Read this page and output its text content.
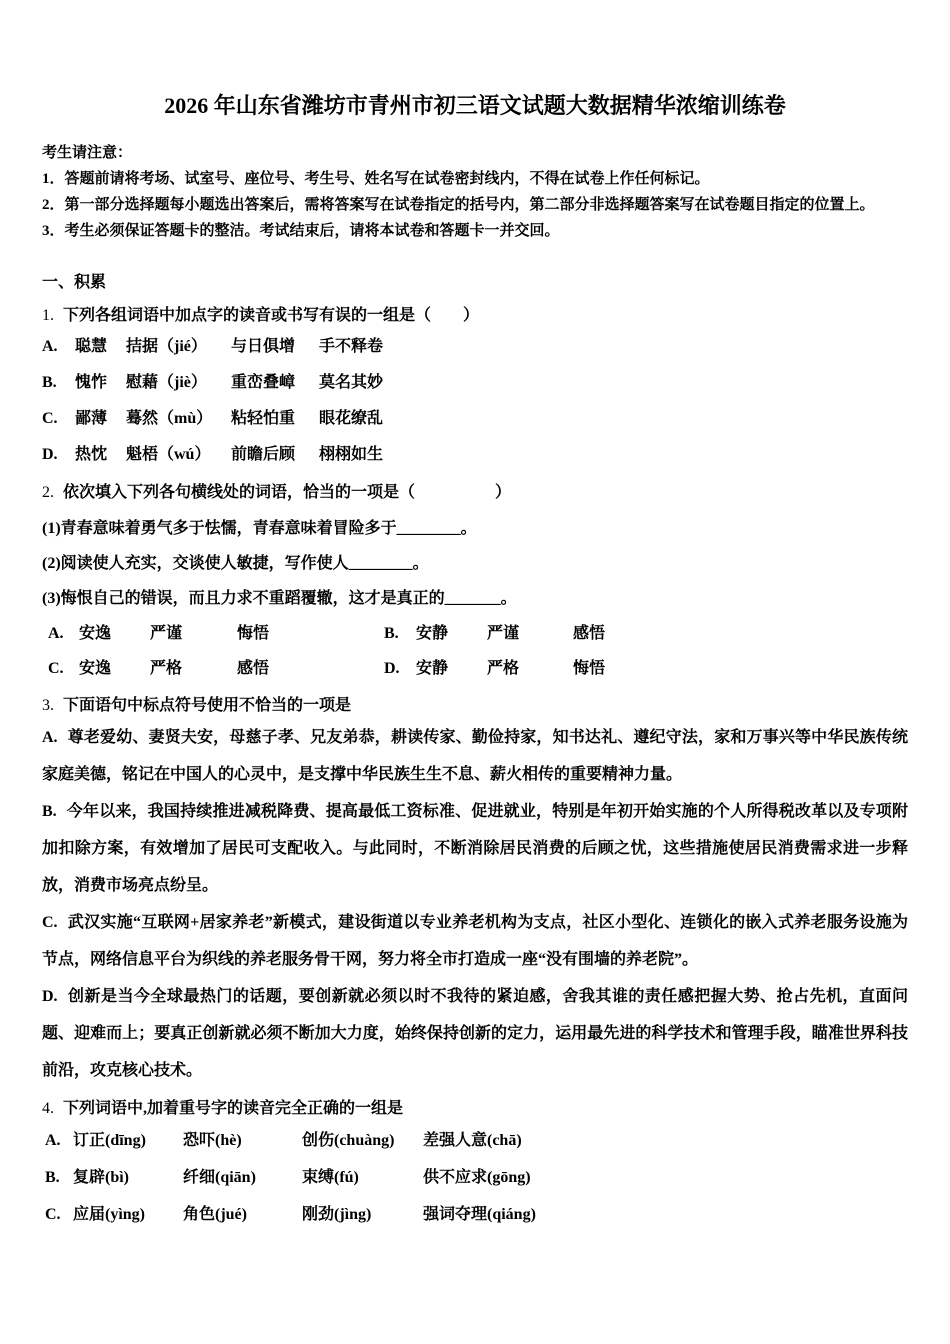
2026 年山东省潍坊市青州市初三语文试题大数据精华浓缩训练卷

考生请注意：

1．答题前请将考场、试室号、座位号、考生号、姓名写在试卷密封线内，不得在试卷上作任何标记。

2．第一部分选择题每小题选出答案后，需将答案写在试卷指定的括号内，第二部分非选择题答案写在试卷题目指定的位置上。

3．考生必须保证答题卡的整洁。考试结束后，请将本试卷和答题卡一并交回。

一、积累

1. 下列各组词语中加点字的读音或书写有误的一组是（　　）

A.	聪慧	拮据（jié）	与日俱增	手不释卷
B.	愧怍	慰藉（jiè）	重峦叠嶂	莫名其妙
C.	鄙薄	蓦然（mù）	粘轻怕重	眼花缭乱
D.	热忱	魁梧（wú）	前瞻后顾	栩栩如生

2. 依次填入下列各句横线处的词语，恰当的一项是（　　　　　）

(1)青春意味着勇气多于怯懦，青春意味着冒险多于________。

(2)阅读使人充实，交谈使人敏捷，写作使人________。

(3)悔恨自己的错误，而且力求不重蹈覆辙，这才是真正的_______。

A. 安逸	严谨	悔悟	B.	安静	严谨	感悟
C. 安逸	严格	感悟	D.	安静	严格	悔悟

3. 下面语句中标点符号使用不恰当的一项是

A. 尊老爱幼、妻贤夫安，母慈子孝、兄友弟恭，耕读传家、勤俭持家，知书达礼、遵纪守法，家和万事兴等中华民族传统家庭美德，铭记在中国人的心灵中，是支撑中华民族生生不息、薪火相传的重要精神力量。

B. 今年以来，我国持续推进减税降费、提高最低工资标准、促进就业，特别是年初开始实施的个人所得税改革以及专项附加扣除方案，有效增加了居民可支配收入。与此同时，不断消除居民消费的后顾之忧，这些措施使居民消费需求进一步释放，消费市场亮点纷呈。

C. 武汉实施“互联网+居家养老”新模式，建设街道以专业养老机构为支点，社区小型化、连锁化的嵌入式养老服务设施为节点，网络信息平台为织线的养老服务骨干网，努力将全市打造成一座“没有围墙的养老院”。

D. 创新是当今全球最热门的话题，要创新就必须以时不我待的紧迫感，舍我其谁的责任感把握大势、抢占先机，直面问题、迎难而上；要真正创新就必须不断加大力度，始终保持创新的定力，运用最先进的科学技术和管理手段，瞄准世界科技前沿，攻克核心技术。

4. 下列词语中,加着重号字的读音完全正确的一组是

A. 订正(dīng)	恐吓(hè)	创伤(chuàng)	差强人意(chā)
B. 复辟(bì)	纤细(qiān)	束缚(fú)	供不应求(gōng)
C. 应届(yìng)	角色(jué)	刚劲(jìng)	强词夺理(qiáng)
